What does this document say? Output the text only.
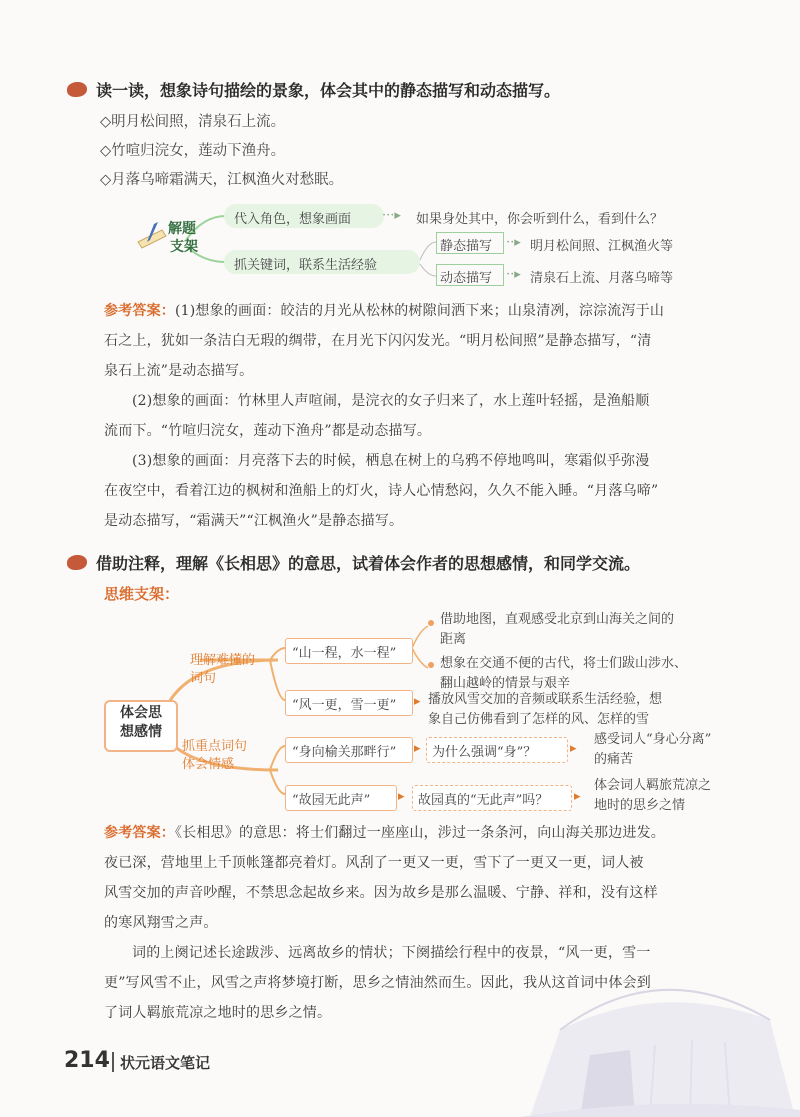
读一读，想象诗句描绘的景象，体会其中的静态描写和动态描写。
◇明月松间照，清泉石上流。
◇竹喧归浣女，莲动下渔舟。
◇月落乌啼霜满天，江枫渔火对愁眠。
解题
支架
代入角色，想象画面 ···▸ 如果身处其中，你会听到什么，看到什么？
抓关键词，联系生活经验
静态描写 ··▸ 明月松间照、江枫渔火等
动态描写 ··▸ 清泉石上流、月落乌啼等
参考答案：(1)想象的画面：皎洁的月光从松林的树隙间洒下来；山泉清冽，淙淙流泻于山
石之上，犹如一条洁白无瑕的绸带，在月光下闪闪发光。“明月松间照”是静态描写，“清
泉石上流”是动态描写。
(2)想象的画面：竹林里人声喧闹，是浣衣的女子归来了，水上莲叶轻摇，是渔船顺
流而下。“竹喧归浣女，莲动下渔舟”都是动态描写。
(3)想象的画面：月亮落下去的时候，栖息在树上的乌鸦不停地鸣叫，寒霜似乎弥漫
在夜空中，看着江边的枫树和渔船上的灯火，诗人心情愁闷，久久不能入睡。“月落乌啼”
是动态描写，“霜满天”“江枫渔火”是静态描写。
借助注释，理解《长相思》的意思，试着体会作者的思想感情，和同学交流。
思维支架：
体会思
想感情
理解难懂的
词句
抓重点词句
体会情感
“山一程，水一程”
借助地图，直观感受北京到山海关之间的
距离
想象在交通不便的古代，将士们跋山涉水、
翻山越岭的情景与艰辛
“风一更，雪一更” ▸ 播放风雪交加的音频或联系生活经验，想
象自己仿佛看到了怎样的风、怎样的雪
“身向榆关那畔行” ▸ 为什么强调“身”？	▸
感受词人“身心分离”
的痛苦
“故园无此声” ▸ 故园真的“无此声”吗？ ▸
体会词人羁旅荒凉之
地时的思乡之情
参考答案：《长相思》的意思：将士们翻过一座座山，涉过一条条河，向山海关那边进发。
夜已深，营地里上千顶帐篷都亮着灯。风刮了一更又一更，雪下了一更又一更，词人被
风雪交加的声音吵醒，不禁思念起故乡来。因为故乡是那么温暖、宁静、祥和，没有这样
的寒风翔雪之声。
词的上阕记述长途跋涉、远离故乡的情状；下阕描绘行程中的夜景，“风一更，雪一
更”写风雪不止，风雪之声将梦境打断，思乡之情油然而生。因此，我从这首词中体会到
了词人羁旅荒凉之地时的思乡之情。
214 状元语文笔记
